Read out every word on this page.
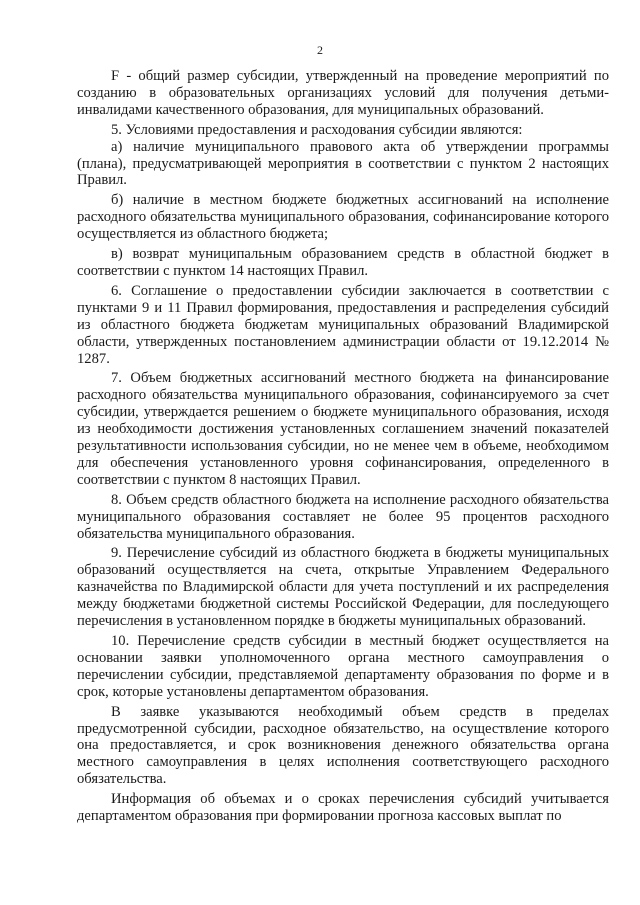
2

F - общий размер субсидии, утвержденный на проведение мероприятий по созданию в образовательных организациях условий для получения детьми-инвалидами качественного образования, для муниципальных образований.

5. Условиями предоставления и расходования субсидии являются:

а) наличие муниципального правового акта об утверждении программы (плана), предусматривающей мероприятия в соответствии с пунктом 2 настоящих Правил.

б) наличие в местном бюджете бюджетных ассигнований на исполнение расходного обязательства муниципального образования, софинансирование которого осуществляется из областного бюджета;

в) возврат муниципальным образованием средств в областной бюджет в соответствии с пунктом 14 настоящих Правил.

6. Соглашение о предоставлении субсидии заключается в соответствии с пунктами 9 и 11 Правил формирования, предоставления и распределения субсидий из областного бюджета бюджетам муниципальных образований Владимирской области, утвержденных постановлением администрации области от 19.12.2014 № 1287.

7. Объем бюджетных ассигнований местного бюджета на финансирование расходного обязательства муниципального образования, софинансируемого за счет субсидии, утверждается решением о бюджете муниципального образования, исходя из необходимости достижения установленных соглашением значений показателей результативности использования субсидии, но не менее чем в объеме, необходимом для обеспечения установленного уровня софинансирования, определенного в соответствии с пунктом 8 настоящих Правил.

8. Объем средств областного бюджета на исполнение расходного обязательства муниципального образования составляет не более 95 процентов расходного обязательства муниципального образования.

9. Перечисление субсидий из областного бюджета в бюджеты муниципальных образований осуществляется на счета, открытые Управлением Федерального казначейства по Владимирской области для учета поступлений и их распределения между бюджетами бюджетной системы Российской Федерации, для последующего перечисления в установленном порядке в бюджеты муниципальных образований.

10. Перечисление средств субсидии в местный бюджет осуществляется на основании заявки уполномоченного органа местного самоуправления о перечислении субсидии, представляемой департаменту образования по форме и в срок, которые установлены департаментом образования.

В заявке указываются необходимый объем средств в пределах предусмотренной субсидии, расходное обязательство, на осуществление которого она предоставляется, и срок возникновения денежного обязательства органа местного самоуправления в целях исполнения соответствующего расходного обязательства.

Информация об объемах и о сроках перечисления субсидий учитывается департаментом образования при формировании прогноза кассовых выплат по
